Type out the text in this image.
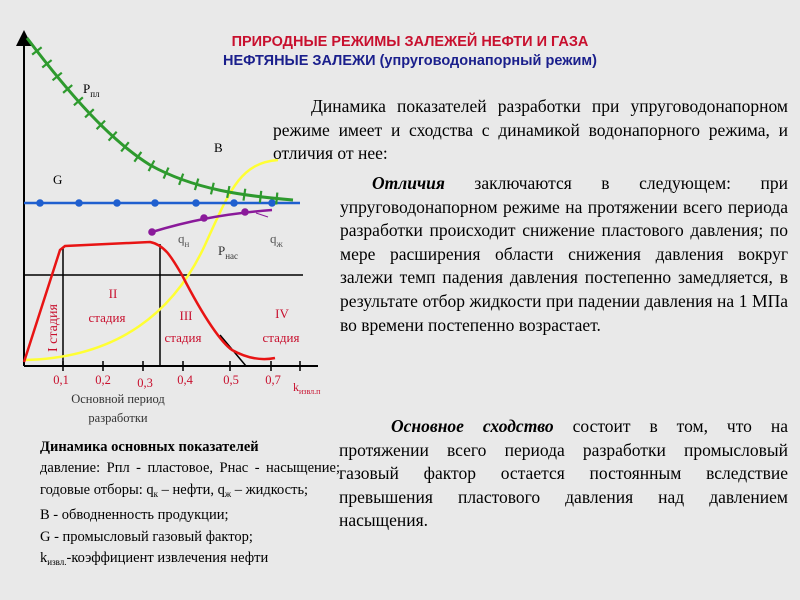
ПРИРОДНЫЕ РЕЖИМЫ ЗАЛЕЖЕЙ НЕФТИ И ГАЗА
НЕФТЯНЫЕ ЗАЛЕЖИ (упруговодонапорный режим)
$P_{пл}$
B
G
$q_н$	$q_ж$
$P_{нас}$
I стадия
II
стадия	III
стадия
IV
стадия
0,1 0,2 0,3 0,4 0,5 0,7 $k_{извл.п}$
Основной период
разработки
Динамика показателей разработки при упруговодонапорном режиме имеет и сходства с динамикой водонапорного режима, и отличия от нее:
Отличия заключаются в следующем: при упруговодонапорном режиме на протяжении всего периода разработки происходит снижение пластового давления; по мере расширения области снижения давления вокруг залежи темп падения давления постепенно замедляется, в результате отбор жидкости при падении давления на 1 МПа во времени постепенно возрастает.
Основное сходство состоит в том, что на протяжении всего периода разработки промысловый газовый фактор остается постоянным вследствие превышения пластового давления над давлением насыщения.
Динамика основных показателей
давление: Pпл - пластовое, Pнас - насыщение; годовые отборы: $q_к$ – нефти, $q_ж$ – жидкость;
B - обводненность продукции;
G - промысловый газовый фактор;
$k_{извл.}$-коэффициент извлечения нефти
